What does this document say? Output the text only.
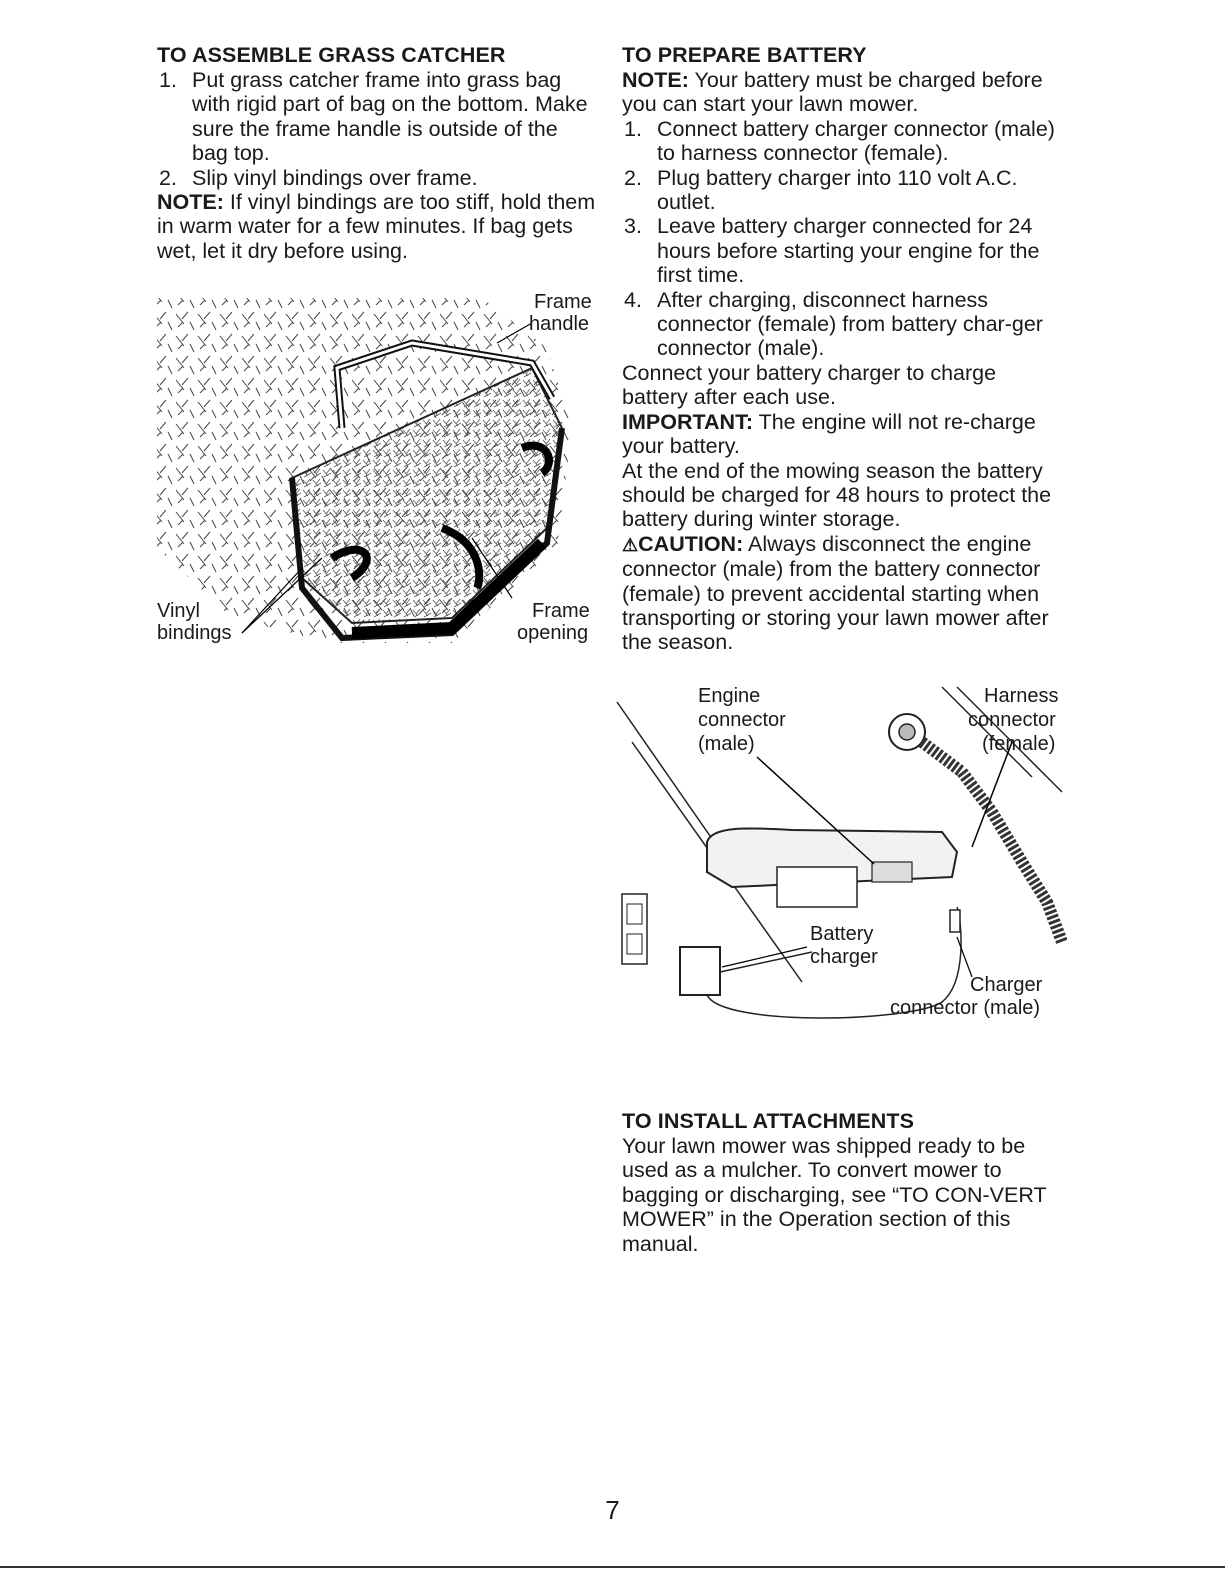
TO ASSEMBLE GRASS CATCHER
1. Put grass catcher frame into grass bag with rigid part of bag on the bottom. Make sure the frame handle is outside of the bag top.
2. Slip vinyl bindings over frame.

NOTE: If vinyl bindings are too stiff, hold them in warm water for a few minutes. If bag gets wet, let it dry before using.

Frame
handle
Vinyl
bindings
Frame
opening
TO PREPARE BATTERY

NOTE: Your battery must be charged before you can start your lawn mower.

1. Connect battery charger connector (male) to harness connector (female).
2. Plug battery charger into 110 volt A.C. outlet.
3. Leave battery charger connected for 24 hours before starting your engine for the first time.
4. After charging, disconnect harness connector (female) from battery char-ger connector (male).

Connect your battery charger to charge battery after each use.

IMPORTANT: The engine will not re-charge your battery.

At the end of the mowing season the battery should be charged for 48 hours to protect the battery during winter storage.

⚠CAUTION: Always disconnect the engine connector (male) from the battery connector (female) to prevent accidental starting when transporting or storing your lawn mower after the season.

Engine
connector
(male)
Harness
connector
(female)
Battery
charger
Charger
connector (male)
TO INSTALL ATTACHMENTS

Your lawn mower was shipped ready to be used as a mulcher. To convert mower to bagging or discharging, see “TO CON-VERT MOWER” in the Operation section of this manual.

7
